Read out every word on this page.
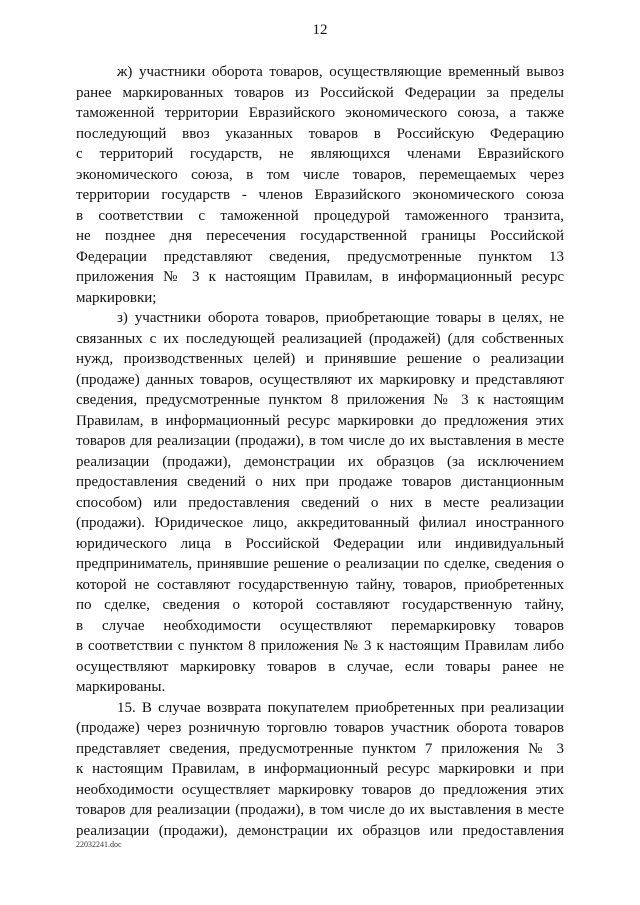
12
ж) участники оборота товаров, осуществляющие временный вывоз
ранее маркированных товаров из Российской Федерации за пределы
таможенной территории Евразийского экономического союза, а также
последующий ввоз указанных товаров в Российскую Федерацию
с территорий государств, не являющихся членами Евразийского
экономического союза, в том числе товаров, перемещаемых через
территории государств - членов Евразийского экономического союза
в соответствии с таможенной процедурой таможенного транзита,
не позднее дня пересечения государственной границы Российской
Федерации представляют сведения, предусмотренные пунктом 13
приложения № 3 к настоящим Правилам, в информационный ресурс
маркировки;
з) участники оборота товаров, приобретающие товары в целях, не
связанных с их последующей реализацией (продажей) (для собственных
нужд, производственных целей) и принявшие решение о реализации
(продаже) данных товаров, осуществляют их маркировку и представляют
сведения, предусмотренные пунктом 8 приложения № 3 к настоящим
Правилам, в информационный ресурс маркировки до предложения этих
товаров для реализации (продажи), в том числе до их выставления в месте
реализации (продажи), демонстрации их образцов (за исключением
предоставления сведений о них при продаже товаров дистанционным
способом) или предоставления сведений о них в месте реализации
(продажи). Юридическое лицо, аккредитованный филиал иностранного
юридического лица в Российской Федерации или индивидуальный
предприниматель, принявшие решение о реализации по сделке, сведения о
которой не составляют государственную тайну, товаров, приобретенных
по сделке, сведения о которой составляют государственную тайну,
в случае необходимости осуществляют перемаркировку товаров
в соответствии с пунктом 8 приложения № 3 к настоящим Правилам либо
осуществляют маркировку товаров в случае, если товары ранее не
маркированы.
15. В случае возврата покупателем приобретенных при реализации
(продаже) через розничную торговлю товаров участник оборота товаров
представляет сведения, предусмотренные пунктом 7 приложения № 3
к настоящим Правилам, в информационный ресурс маркировки и при
необходимости осуществляет маркировку товаров до предложения этих
товаров для реализации (продажи), в том числе до их выставления в месте
реализации (продажи), демонстрации их образцов или предоставления
22032241.doc
